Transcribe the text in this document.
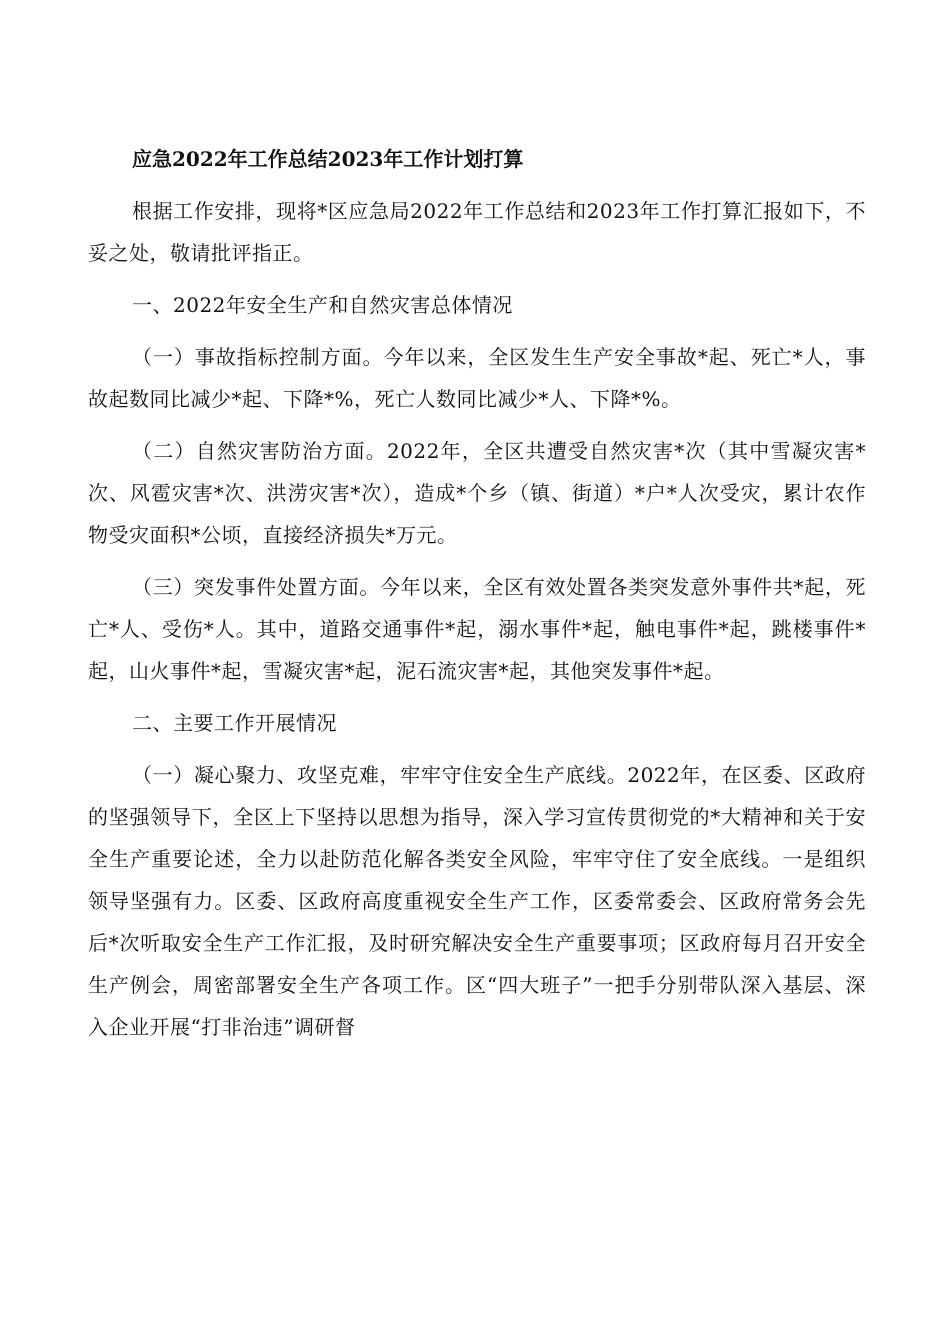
应急2022年工作总结2023年工作计划打算

根据工作安排，现将*区应急局2022年工作总结和2023年工作打算汇报如下，不妥之处，敬请批评指正。

一、2022年安全生产和自然灾害总体情况

（一）事故指标控制方面。今年以来，全区发生生产安全事故*起、死亡*人，事故起数同比减少*起、下降*%，死亡人数同比减少*人、下降*%。

（二）自然灾害防治方面。2022年，全区共遭受自然灾害*次（其中雪凝灾害*次、风雹灾害*次、洪涝灾害*次），造成*个乡（镇、街道）*户*人次受灾，累计农作物受灾面积*公顷，直接经济损失*万元。

（三）突发事件处置方面。今年以来，全区有效处置各类突发意外事件共*起，死亡*人、受伤*人。其中，道路交通事件*起，溺水事件*起，触电事件*起，跳楼事件*起，山火事件*起，雪凝灾害*起，泥石流灾害*起，其他突发事件*起。

二、主要工作开展情况

（一）凝心聚力、攻坚克难，牢牢守住安全生产底线。2022年，在区委、区政府的坚强领导下，全区上下坚持以思想为指导，深入学习宣传贯彻党的*大精神和关于安全生产重要论述，全力以赴防范化解各类安全风险，牢牢守住了安全底线。一是组织领导坚强有力。区委、区政府高度重视安全生产工作，区委常委会、区政府常务会先后*次听取安全生产工作汇报，及时研究解决安全生产重要事项；区政府每月召开安全生产例会，周密部署安全生产各项工作。区“四大班子”一把手分别带队深入基层、深入企业开展“打非治违”调研督
